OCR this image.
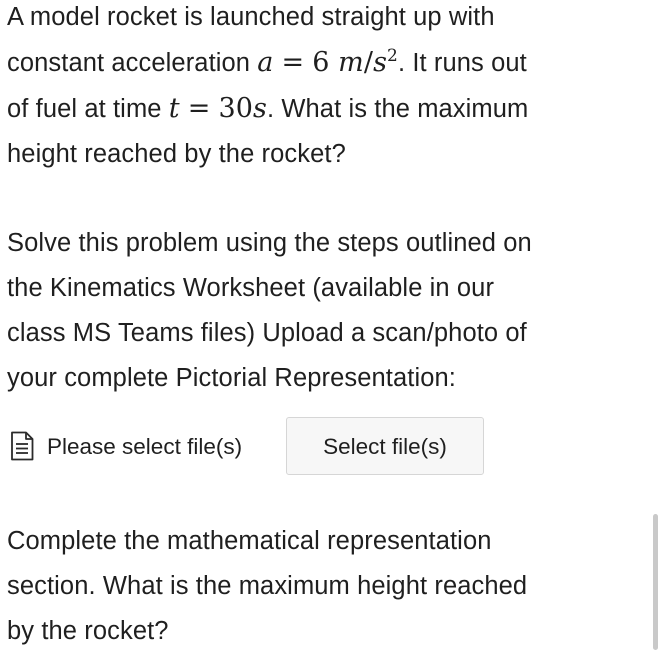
A model rocket is launched straight up with
constant acceleration a = 6 $m/s^2$. It runs out
of fuel at time t = 30s. What is the maximum
height reached by the rocket?
Solve this problem using the steps outlined on
the Kinematics Worksheet (available in our
class MS Teams files) Upload a scan/photo of
your complete Pictorial Representation:
Please select file(s)	Select file(s)
Complete the mathematical representation
section. What is the maximum height reached
by the rocket?
